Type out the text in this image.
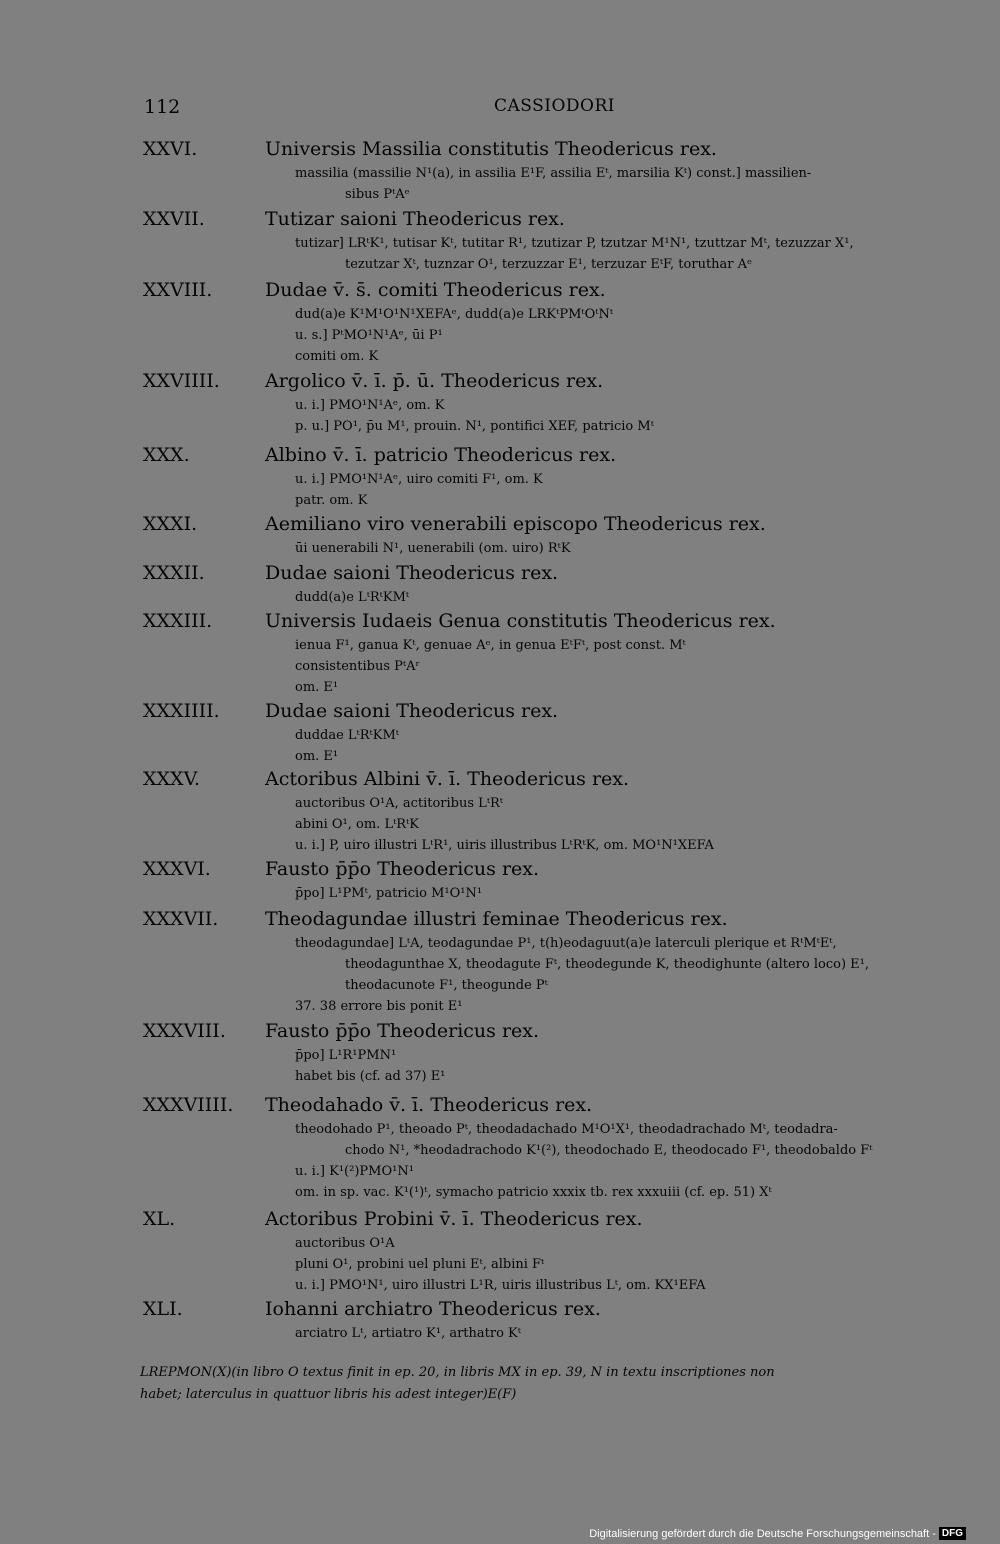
112	CASSIODORI
XXVI.	Universis Massilia constitutis Theodericus rex.
massilia (massilie N¹(a), in assilia E¹F, assilia Eᵗ, marsilia Kᵗ) const.] massilien-
sibus PᵗAᵉ
XXVII.	Tutizar saioni Theodericus rex.
tutizar] LRᵗK¹, tutisar Kᵗ, tutitar R¹, tzutizar P, tzutzar M¹N¹, tzuttzar Mᵗ, tezuzzar X¹,
tezutzar Xᵗ, tuznzar O¹, terzuzzar E¹, terzuzar EᵗF, toruthar Aᵉ
XXVIII.	Dudae v̄. s̄. comiti Theodericus rex.
dud(a)e K¹M¹O¹N¹XEFAᵉ, dudd(a)e LRKᵗPMᵗOᵗNᵗ
u. s.] PᵗMO¹N¹Aᵉ, ūi P¹
comiti om. K
XXVIIII. Argolico v̄. ī. p̄. ū. Theodericus rex.
u. i.] PMO¹N¹Aᵉ, om. K
p. u.] PO¹, p̄u M¹, prouin. N¹, pontifici XEF, patricio Mᵗ
XXX.	Albino v̄. ī. patricio Theodericus rex.
u. i.] PMO¹N¹Aᵉ, uiro comiti F¹, om. K
patr. om. K
XXXI.	Aemiliano viro venerabili episcopo Theodericus rex.
ūi uenerabili N¹, uenerabili (om. uiro) RᵗK
XXXII.	Dudae saioni Theodericus rex.
dudd(a)e LᵗRᵗKMᵗ
XXXIII.	Universis Iudaeis Genua constitutis Theodericus rex.
ienua F¹, ganua Kᵗ, genuae Aᵉ, in genua EᵗFᵗ, post const. Mᵗ
consistentibus PᵗAʳ
om. E¹
XXXIIII. Dudae saioni Theodericus rex.
duddae LᵗRᵗKMᵗ
om. E¹
XXXV.	Actoribus Albini v̄. ī. Theodericus rex.
auctoribus O¹A, actitoribus LᵗRᵗ
abini O¹, om. LᵗRᵗK
u. i.] P, uiro illustri LᵗR¹, uiris illustribus LᵗRᵗK, om. MO¹N¹XEFA
XXXVI.	Fausto p̄p̄o Theodericus rex.
p̄po] L¹PMᵗ, patricio M¹O¹N¹
XXXVII. Theodagundae illustri feminae Theodericus rex.
theodagundae] LᵗA, teodagundae P¹, t(h)eodaguut(a)e laterculi plerique et RᵗMᵗEᵗ,
theodagunthae X, theodagute Fᵗ, theodegunde K, theodighunte (altero loco) E¹,
theodacunote F¹, theogunde Pᵗ
37. 38 errore bis ponit E¹
XXXVIII. Fausto p̄p̄o Theodericus rex.
p̄po] L¹R¹PMN¹
habet bis (cf. ad 37) E¹
XXXVIIII. Theodahado v̄. ī. Theodericus rex.
theodohado P¹, theoado Pᵗ, theodadachado M¹O¹X¹, theodadrachado Mᵗ, teodadra-
chodo N¹, *heodadrachodo K¹(²), theodochado E, theodocado F¹, theodobaldo Fᵗ
u. i.] K¹(²)PMO¹N¹
om. in sp. vac. K¹(¹)ᵗ, symacho patricio xxxix tb. rex xxxuiii (cf. ep. 51) Xᵗ
XL.	Actoribus Probini v̄. ī. Theodericus rex.
auctoribus O¹A
pluni O¹, probini uel pluni Eᵗ, albini Fᵗ
u. i.] PMO¹N¹, uiro illustri L¹R, uiris illustribus Lᵗ, om. KX¹EFA
XLI.	Iohanni archiatro Theodericus rex.
arciatro Lᵗ, artiatro K¹, arthatro Kᵗ
LREPMON(X)(in libro O textus finit in ep. 20, in libris MX in ep. 39, N in textu inscriptiones non
habet; laterculus in quattuor libris his adest integer)E(F)
Digitalisierung gefördert durch die Deutsche Forschungsgemeinschaft - DFG
